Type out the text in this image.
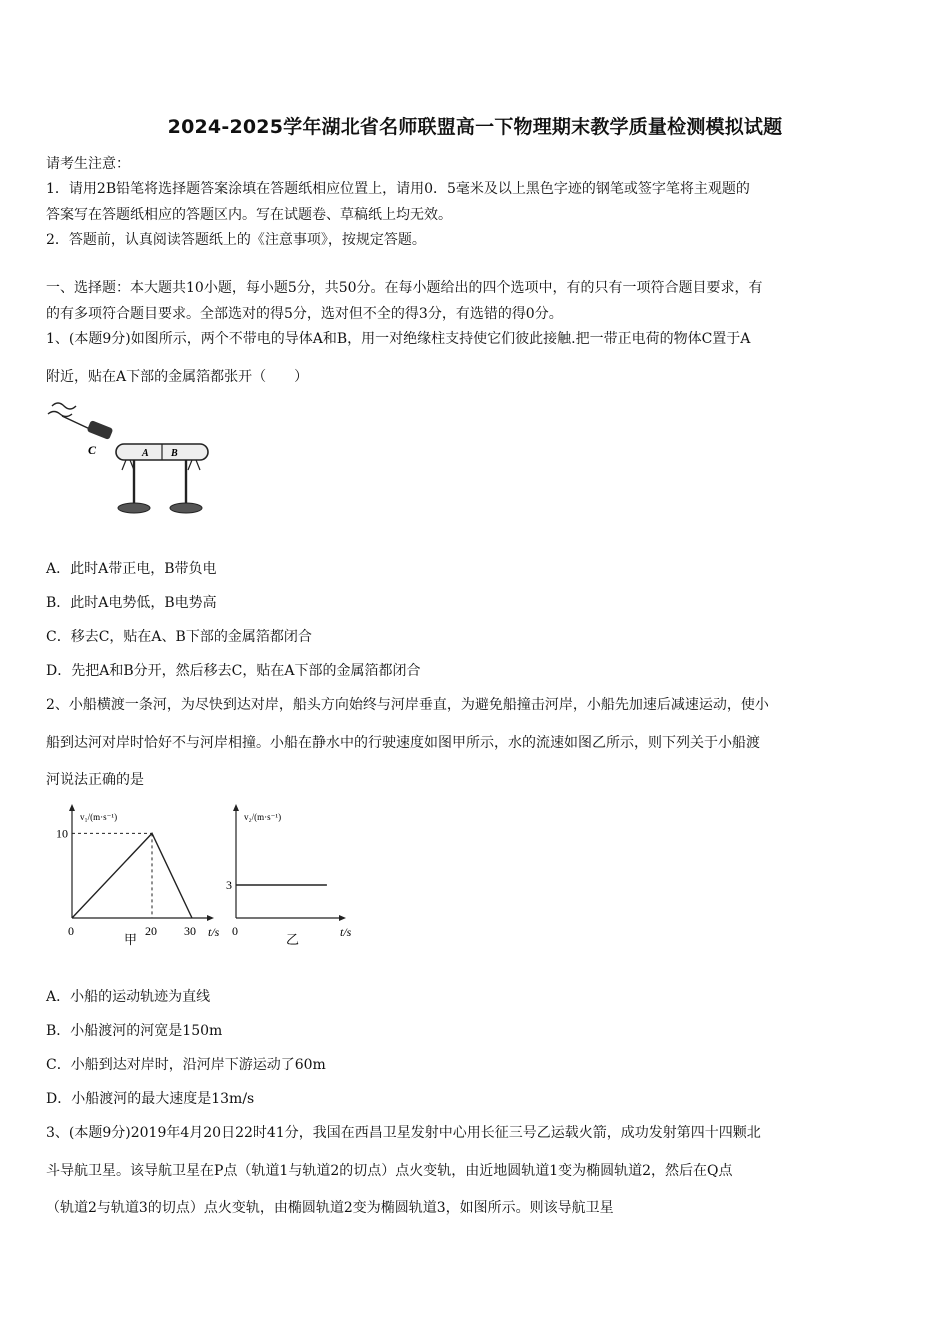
2024-2025学年湖北省名师联盟高一下物理期末教学质量检测模拟试题
请考生注意：
1．请用2B铅笔将选择题答案涂填在答题纸相应位置上，请用0．5毫米及以上黑色字迹的钢笔或签字笔将主观题的
答案写在答题纸相应的答题区内。写在试题卷、草稿纸上均无效。
2．答题前，认真阅读答题纸上的《注意事项》，按规定答题。
一、选择题：本大题共10小题，每小题5分，共50分。在每小题给出的四个选项中，有的只有一项符合题目要求，有
的有多项符合题目要求。全部选对的得5分，选对但不全的得3分，有选错的得0分。
1、(本题9分)如图所示，两个不带电的导体A和B，用一对绝缘柱支持使它们彼此接触.把一带正电荷的物体C置于A
附近，贴在A下部的金属箔都张开（　　）
C	A B
A．此时A带正电，B带负电
B．此时A电势低，B电势高
C．移去C，贴在A、B下部的金属箔都闭合
D．先把A和B分开，然后移去C，贴在A下部的金属箔都闭合
2、小船横渡一条河，为尽快到达对岸，船头方向始终与河岸垂直，为避免船撞击河岸，小船先加速后减速运动，使小
船到达河对岸时恰好不与河岸相撞。小船在静水中的行驶速度如图甲所示，水的流速如图乙所示，则下列关于小船渡
河说法正确的是
v₁/(m·s⁻¹)
t/s
10
0	20 30
甲
v₂/(m·s⁻¹)
t/s
3
0
乙
A．小船的运动轨迹为直线
B．小船渡河的河宽是150m
C．小船到达对岸时，沿河岸下游运动了60m
D．小船渡河的最大速度是13m/s
3、(本题9分)2019年4月20日22时41分，我国在西昌卫星发射中心用长征三号乙运载火箭，成功发射第四十四颗北
斗导航卫星。该导航卫星在P点（轨道1与轨道2的切点）点火变轨，由近地圆轨道1变为椭圆轨道2，然后在Q点
（轨道2与轨道3的切点）点火变轨，由椭圆轨道2变为椭圆轨道3，如图所示。则该导航卫星
